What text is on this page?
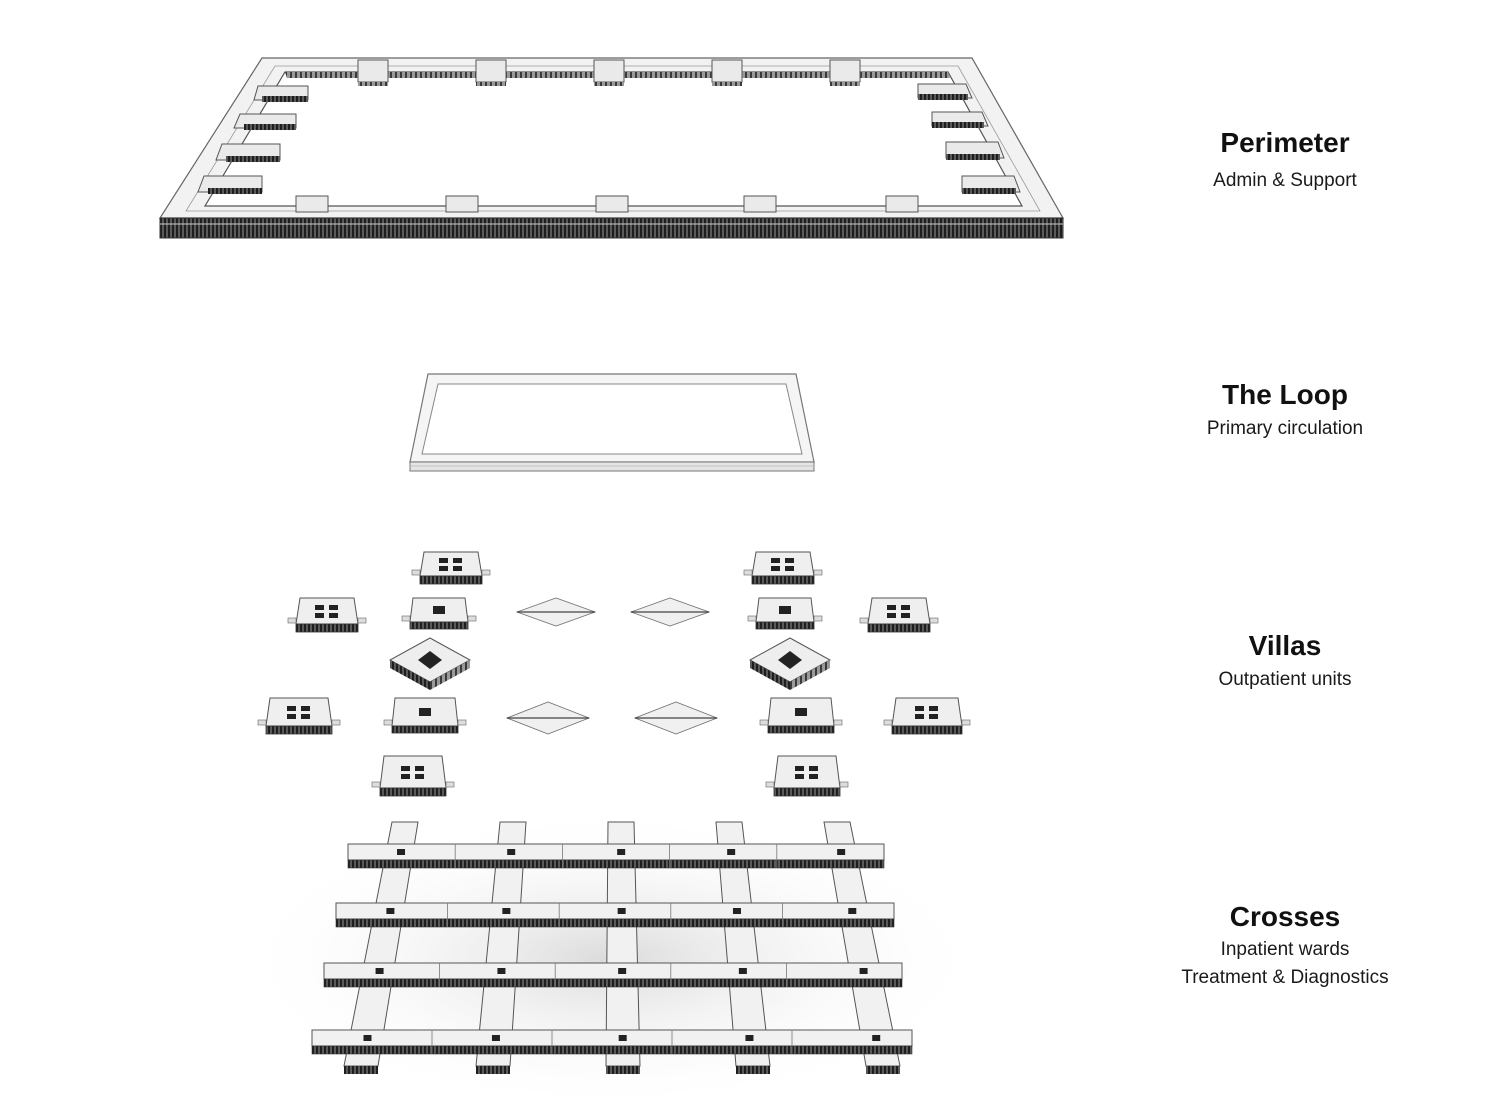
Perimeter
Admin & Support
The Loop
Primary circulation
Villas
Outpatient units
Crosses
Inpatient wards
Treatment & Diagnostics
